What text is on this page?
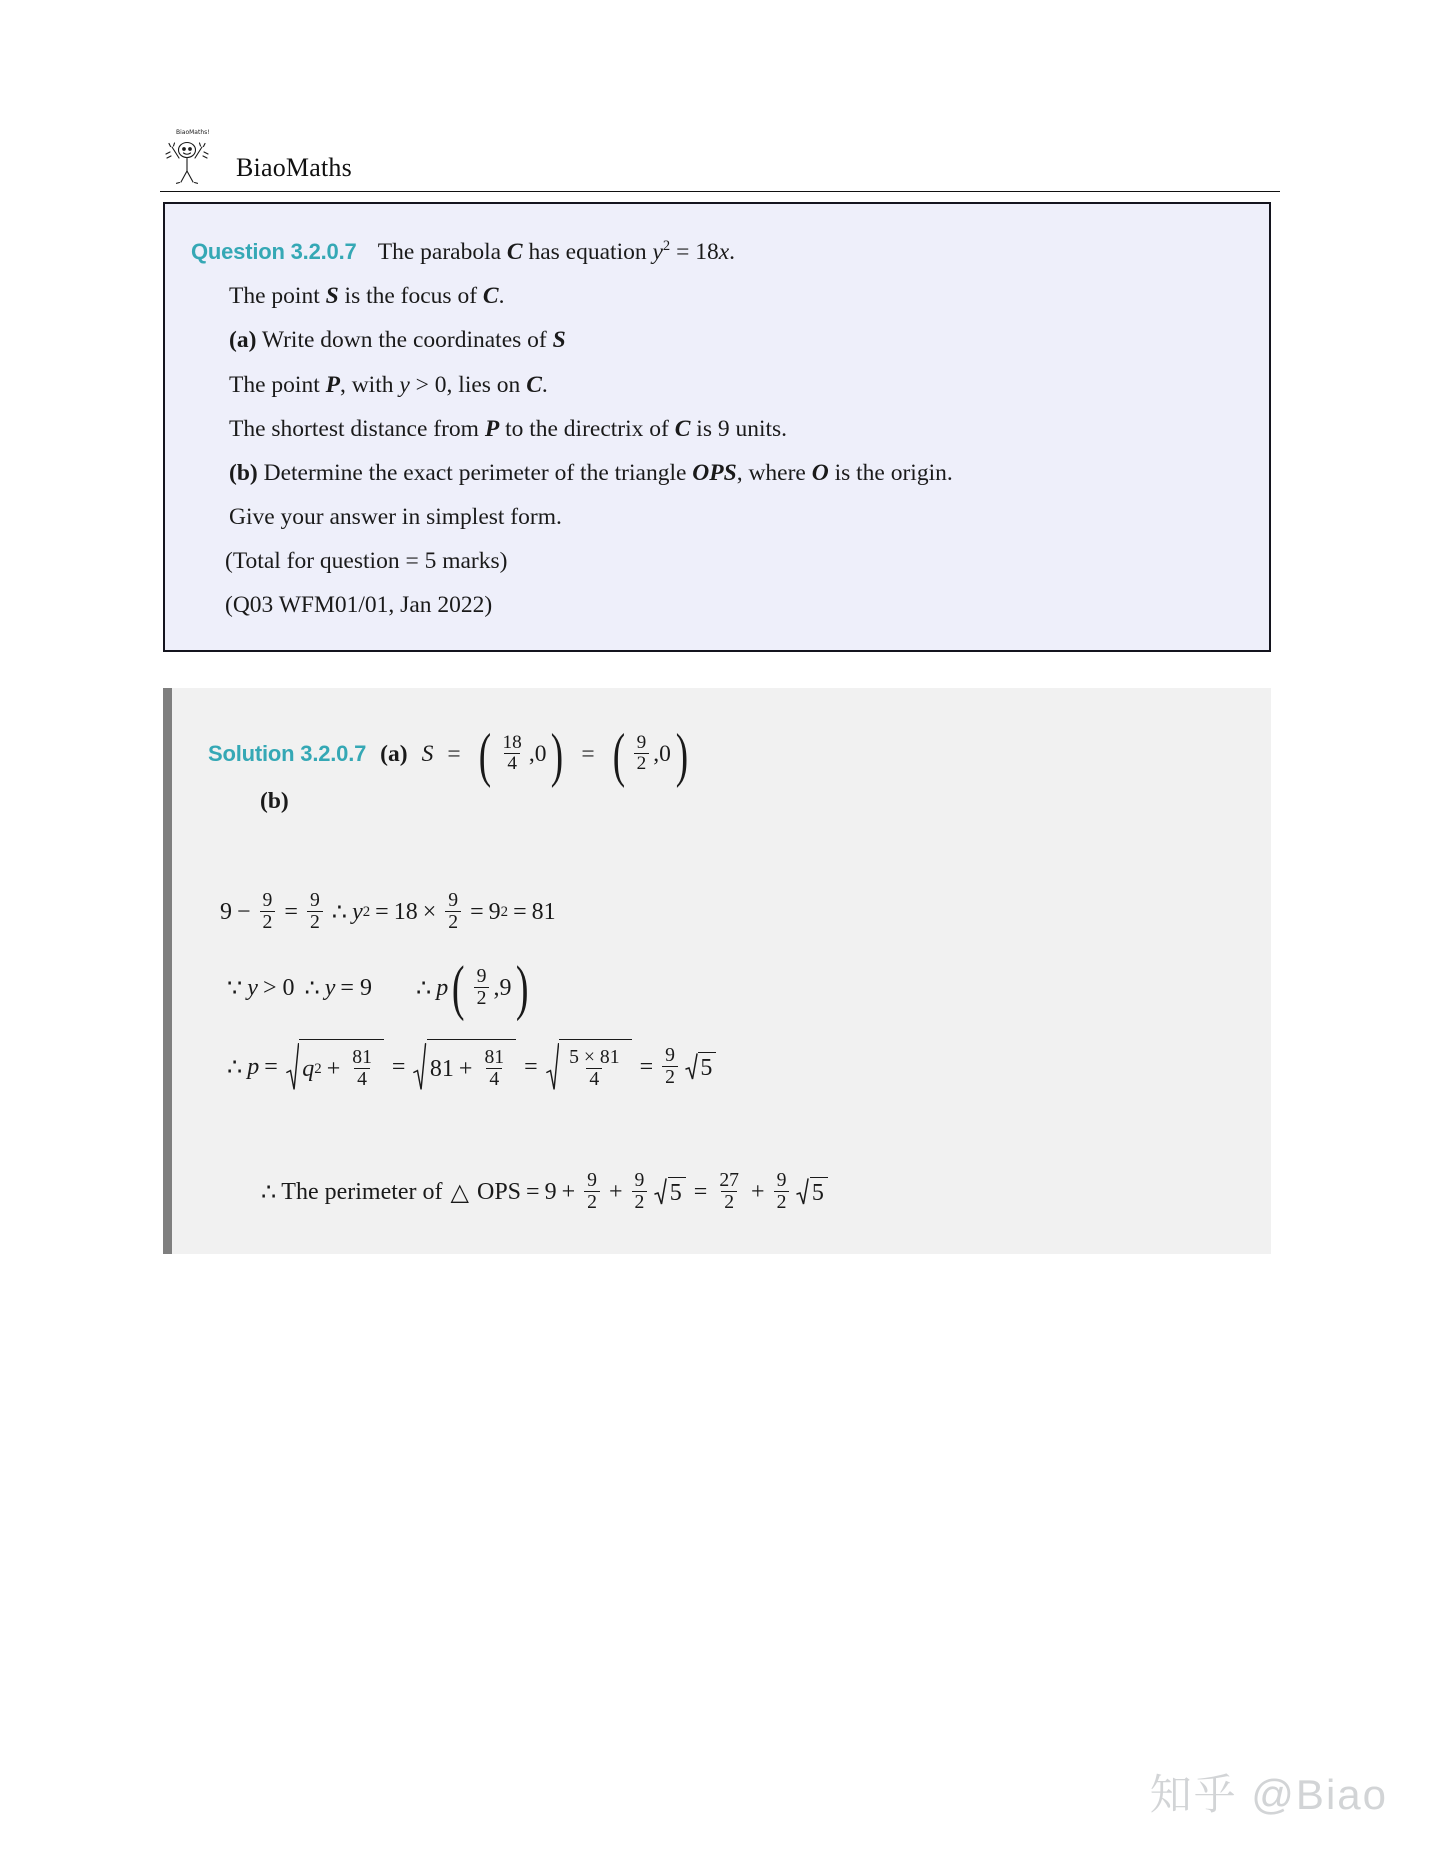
BiaoMaths!
BiaoMaths
Question 3.2.0.7 The parabola C has equation $y^2 = 18x$.
The point S is the focus of C.
(a) Write down the coordinates of S
The point P, with y > 0, lies on C.
The shortest distance from P to the directrix of C is 9 units.
(b) Determine the exact perimeter of the triangle OPS, where O is the origin.
Give your answer in simplest form.
(Total for question = 5 marks)
(Q03 WFM01/01, Jan 2022)
Solution 3.2.0.7 (a) S = ( $\frac{18}{4} ,0$ ) = ( $\frac{9}{2} ,0$ )
(b)
$9 - \frac{9}{2} = \frac{9}{2}$ ∴ y $2 = 18 \times \frac{9}{2} = 9$ 2 = 81
∵ y > 0 ∴ y = 9 ∴ p ( $\frac{9}{2} ,9$ )
∴ p = q $2 + \frac{81}{4} = 81 + \frac{81}{4} = \frac{5 \times 81}{4} = \frac{9}{2} 5$
∴ The perimeter of △ OPS = $9 + \frac{9}{2} + \frac{9}{2} 5 = \frac{27}{2} + \frac{9}{2} 5$
知乎 @Biao
